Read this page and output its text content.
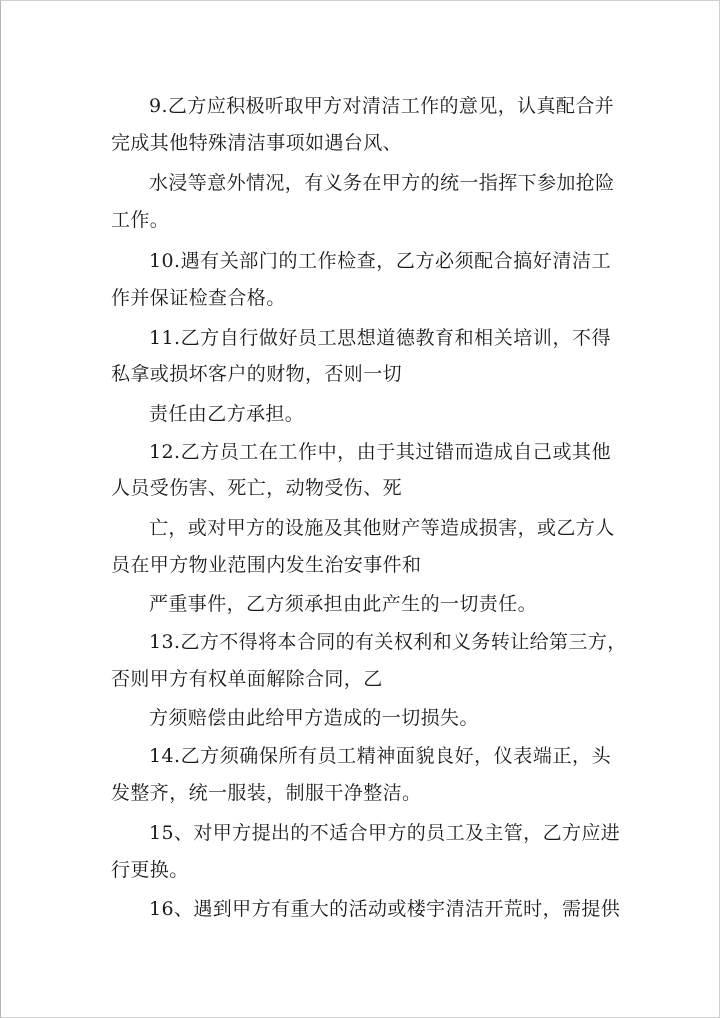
9.乙方应积极听取甲方对清洁工作的意见，认真配合并
完成其他特殊清洁事项如遇台风、
水浸等意外情况，有义务在甲方的统一指挥下参加抢险
工作。
10.遇有关部门的工作检查，乙方必须配合搞好清洁工
作并保证检查合格。
11.乙方自行做好员工思想道德教育和相关培训，不得
私拿或损坏客户的财物，否则一切
责任由乙方承担。
12.乙方员工在工作中，由于其过错而造成自己或其他
人员受伤害、死亡，动物受伤、死
亡，或对甲方的设施及其他财产等造成损害，或乙方人
员在甲方物业范围内发生治安事件和
严重事件，乙方须承担由此产生的一切责任。
13.乙方不得将本合同的有关权利和义务转让给第三方，
否则甲方有权单面解除合同，乙
方须赔偿由此给甲方造成的一切损失。
14.乙方须确保所有员工精神面貌良好，仪表端正，头
发整齐，统一服装，制服干净整洁。
15、对甲方提出的不适合甲方的员工及主管，乙方应进
行更换。
16、遇到甲方有重大的活动或楼宇清洁开荒时，需提供
